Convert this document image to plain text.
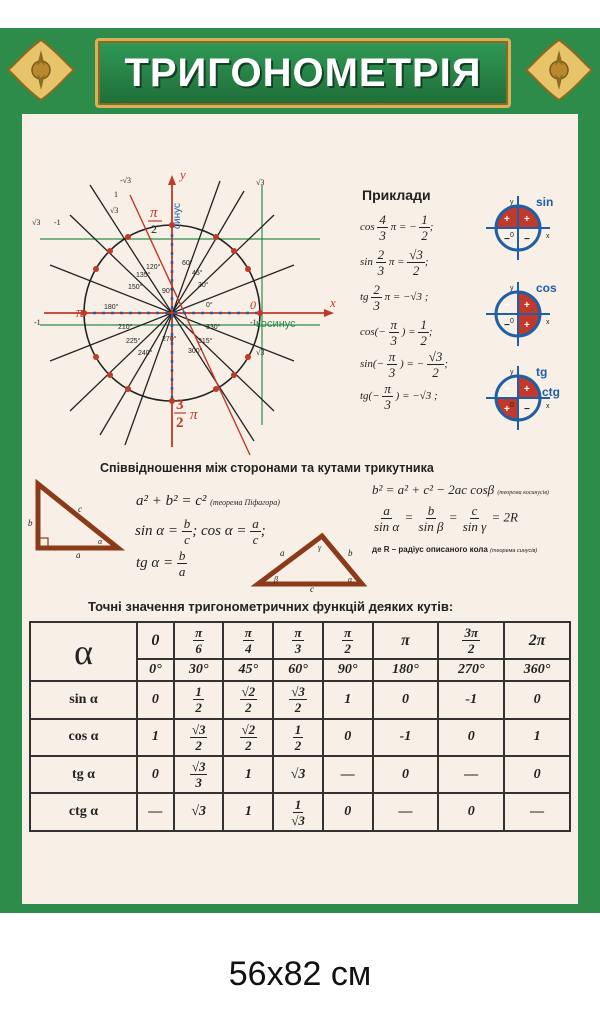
ТРИГОНОМЕТРІЯ
0°
30°
45°
60°
90°
120°
135°
150°
180°
210°
225°
240°
270°
300°
315°
330°
√3 -1
√3
1
-√3	√3
-1	-1
√3
y
x
синус
косинус
π
2
π	0
3
2 π
Приклади
$\cos \frac{4}{3}$ π = − $\frac{1}{2}$ ;
$\sin \frac{2}{3}$ $\pi = \frac{√3}{2}$ ;
tg $\frac{2}{3}$ π = −√3 ;
$\cos(- \frac{\pi}{3}$ ) = $\frac{1}{2}$ ;
$\sin(- \frac{\pi}{3}$ ) = − $\frac{√3}{2}$ ;
$tg(- \frac{\pi}{3}$ ) = −√3 ;
+ +
− −
0	x
y sin
− +
− +
0	x
y cos
− +
+ −
0	x
y tg
ctg
Співвідношення між сторонами та кутами трикутника
b
a
c
α
a² + b² = c² (теорема Піфагора)
$\sin \alpha = \frac{b}{c}$ ; $\cos \alpha = \frac{a}{c}$ ;
tg $\alpha = \frac{b}{a}$	a	b
c
β
γ
α
b² = a² + c² − 2ac cosβ (теорема косинусів)
$\frac{a}{\text{sin α}} = \frac{b}{\text{sin β}} = \frac{c}{\text{sin γ}} = 2R$
де R – радіус описаного кола (теорема синусів)
Точні значення тригонометричних функцій деяких кутів:
α	0	$\frac{\pi}{6}$	$\frac{\pi}{4}$	$\frac{\pi}{3}$	$\frac{\pi}{2}$	π	$\frac{3\pi}{2}$	2π
	0°	30°	45°	60°	90°	180°	270°	360°
sin α	0	$\frac{1}{2}$	$\frac{√2}{2}$	$\frac{√3}{2}$	1	0	-1	0
cos α	1	$\frac{√3}{2}$	$\frac{√2}{2}$	$\frac{1}{2}$	0	-1	0	1
tg α	0	$\frac{√3}{3}$	1	√3	—	0	—	0
ctg α	—	√3	1	$\frac{1}{√3}$	0	—	0	—
56x82 см
